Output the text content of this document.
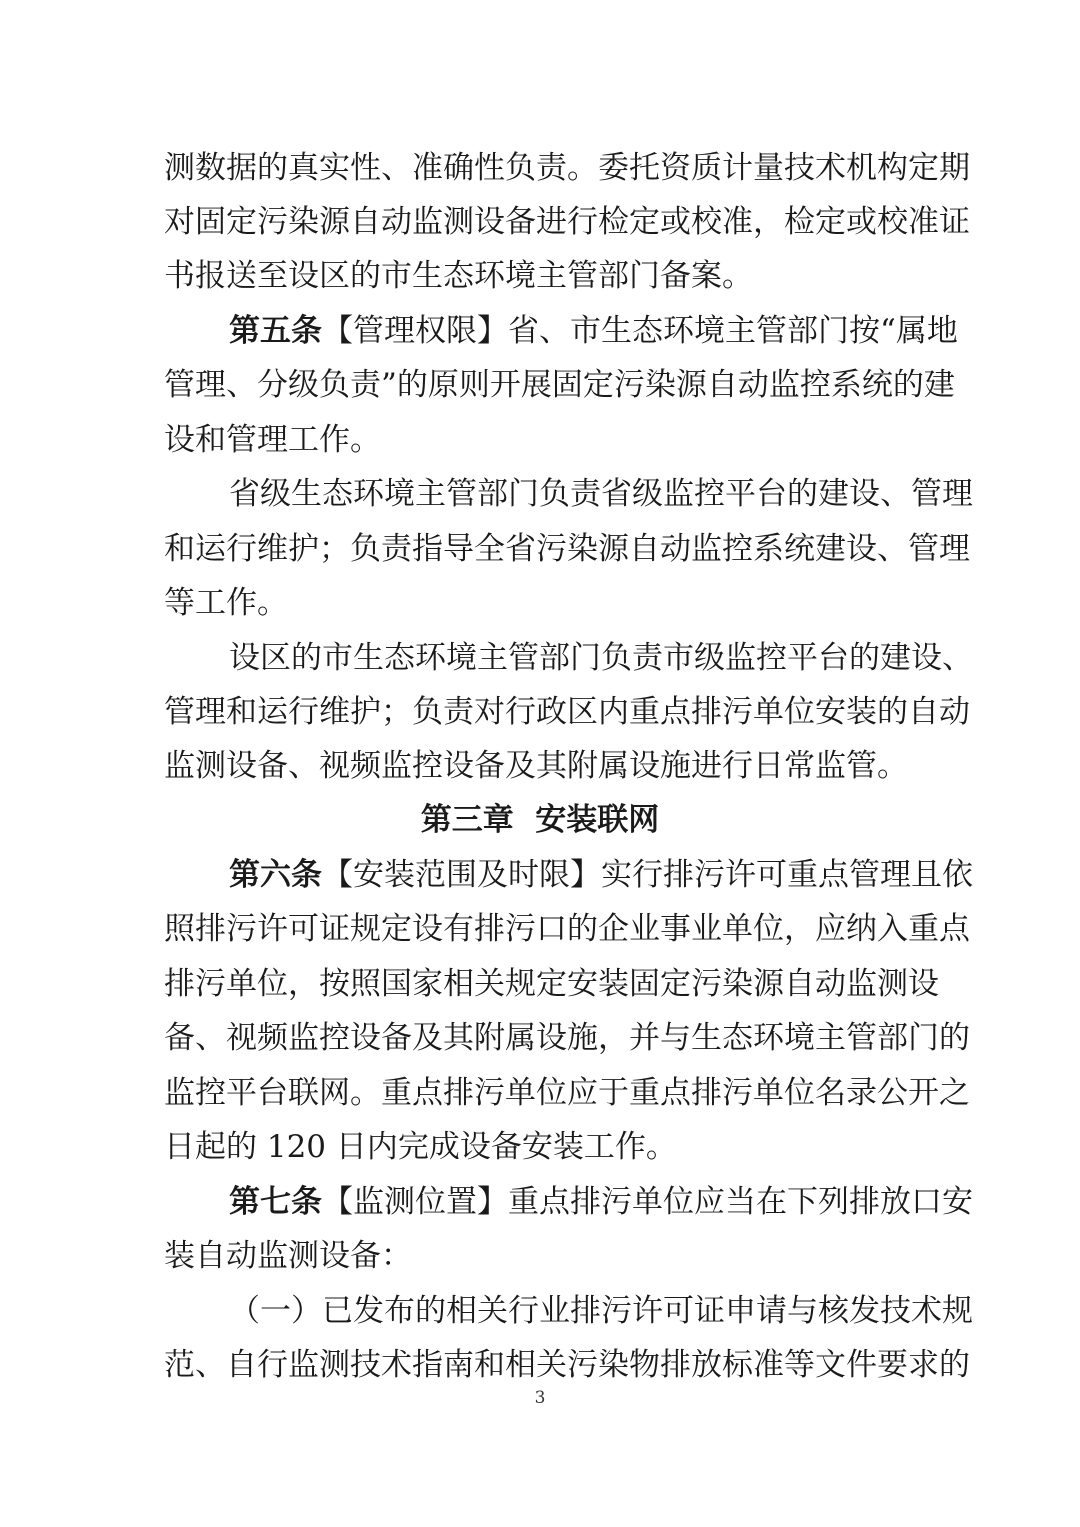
测数据的真实性、准确性负责。委托资质计量技术机构定期
对固定污染源自动监测设备进行检定或校准，检定或校准证
书报送至设区的市生态环境主管部门备案。
第五条【管理权限】省、市生态环境主管部门按“属地
管理、分级负责”的原则开展固定污染源自动监控系统的建
设和管理工作。
省级生态环境主管部门负责省级监控平台的建设、管理
和运行维护；负责指导全省污染源自动监控系统建设、管理
等工作。
设区的市生态环境主管部门负责市级监控平台的建设、
管理和运行维护；负责对行政区内重点排污单位安装的自动
监测设备、视频监控设备及其附属设施进行日常监管。
第三章  安装联网
第六条【安装范围及时限】实行排污许可重点管理且依
照排污许可证规定设有排污口的企业事业单位，应纳入重点
排污单位，按照国家相关规定安装固定污染源自动监测设
备、视频监控设备及其附属设施，并与生态环境主管部门的
监控平台联网。重点排污单位应于重点排污单位名录公开之
日起的 120 日内完成设备安装工作。
第七条【监测位置】重点排污单位应当在下列排放口安
装自动监测设备：
（一）已发布的相关行业排污许可证申请与核发技术规
范、自行监测技术指南和相关污染物排放标准等文件要求的
3
